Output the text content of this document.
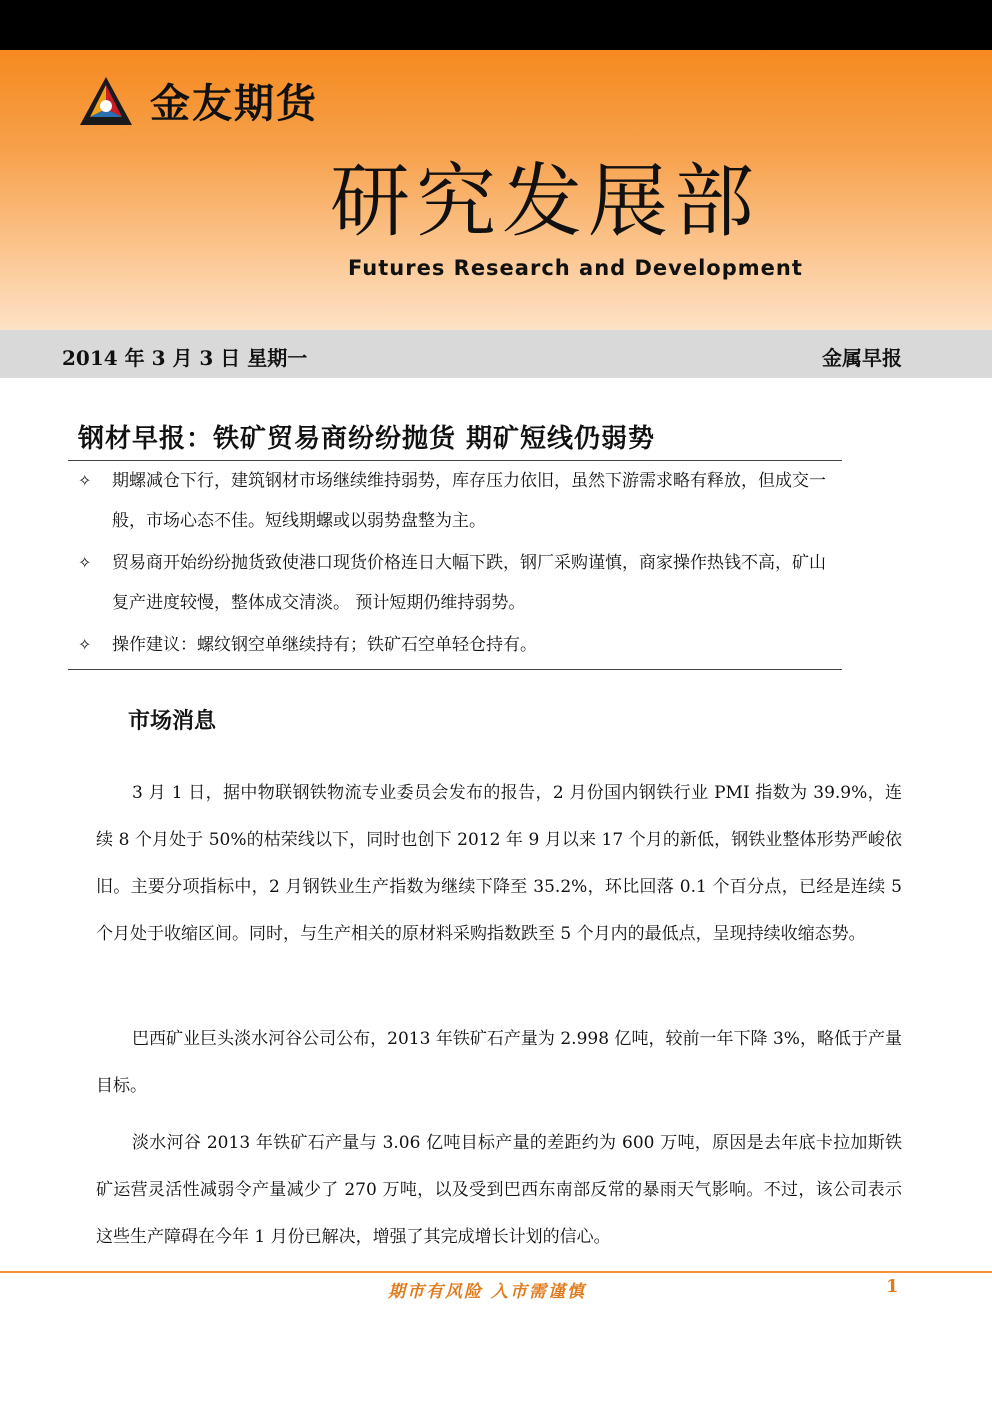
金友期货
研究发展部
Futures Research and Development
2014 年 3 月 3 日 星期一	金属早报
钢材早报：铁矿贸易商纷纷抛货 期矿短线仍弱势
✧	期螺减仓下行，建筑钢材市场继续维持弱势，库存压力依旧，虽然下游需求略有释放，但成交一般，市场心态不佳。短线期螺或以弱势盘整为主。
✧	贸易商开始纷纷抛货致使港口现货价格连日大幅下跌，钢厂采购谨慎，商家操作热钱不高，矿山复产进度较慢，整体成交清淡。 预计短期仍维持弱势。
✧	操作建议：螺纹钢空单继续持有；铁矿石空单轻仓持有。
市场消息

3 月 1 日，据中物联钢铁物流专业委员会发布的报告，2 月份国内钢铁行业 PMI 指数为 39.9%，连续 8 个月处于 50%的枯荣线以下，同时也创下 2012 年 9 月以来 17 个月的新低，钢铁业整体形势严峻依旧。主要分项指标中，2 月钢铁业生产指数为继续下降至 35.2%，环比回落 0.1 个百分点，已经是连续 5 个月处于收缩区间。同时，与生产相关的原材料采购指数跌至 5 个月内的最低点，呈现持续收缩态势。

巴西矿业巨头淡水河谷公司公布，2013 年铁矿石产量为 2.998 亿吨，较前一年下降 3%，略低于产量目标。

淡水河谷 2013 年铁矿石产量与 3.06 亿吨目标产量的差距约为 600 万吨，原因是去年底卡拉加斯铁矿运营灵活性减弱令产量减少了 270 万吨，以及受到巴西东南部反常的暴雨天气影响。不过，该公司表示这些生产障碍在今年 1 月份已解决，增强了其完成增长计划的信心。

期市有风险 入市需谨慎	1
